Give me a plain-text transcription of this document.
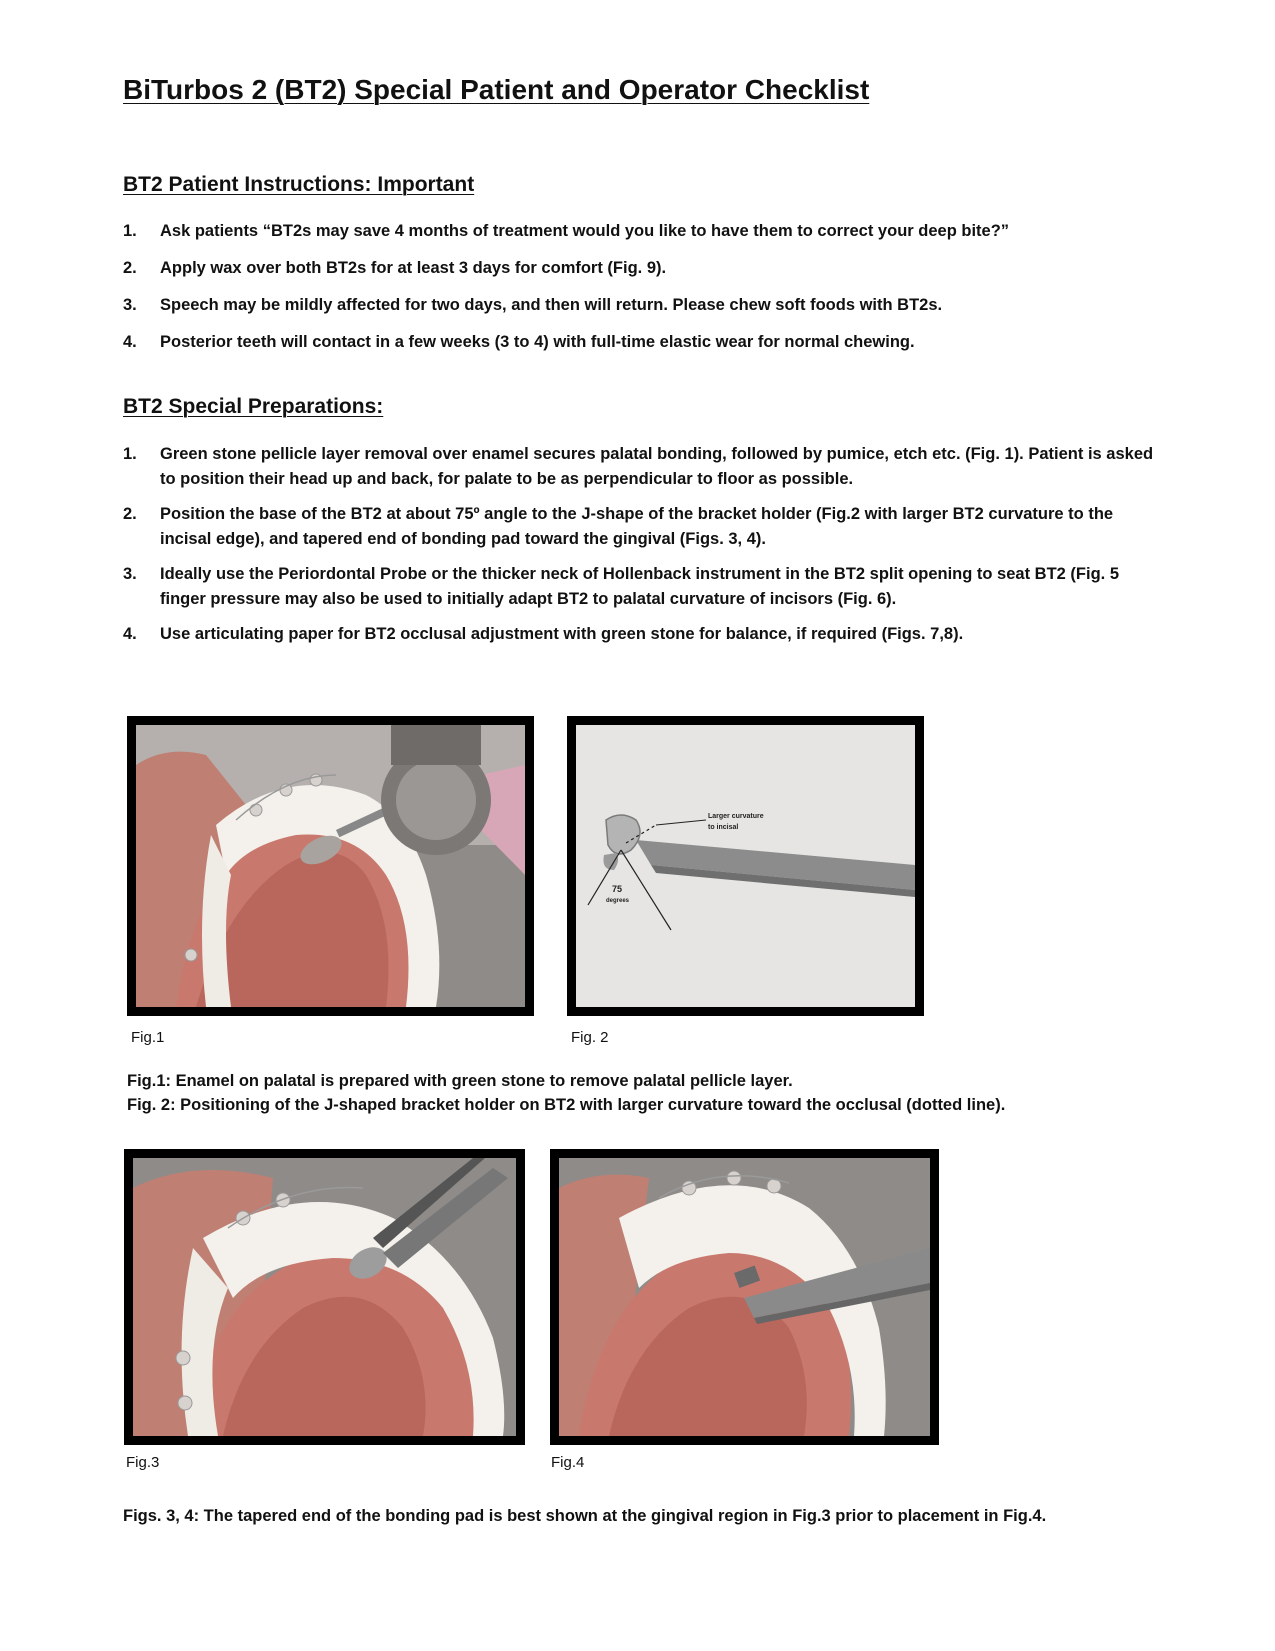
BiTurbos 2 (BT2) Special Patient and Operator Checklist
BT2 Patient Instructions: Important
1. Ask patients “BT2s may save 4 months of treatment would you like to have them to correct your deep bite?”
2. Apply wax over both BT2s for at least 3 days for comfort (Fig. 9).
3. Speech may be mildly affected for two days, and then will return. Please chew soft foods with BT2s.
4. Posterior teeth will contact in a few weeks (3 to 4) with full-time elastic wear for normal chewing.
BT2 Special Preparations:
1. Green stone pellicle layer removal over enamel secures palatal bonding, followed by pumice, etch etc. (Fig. 1). Patient is asked to position their head up and back, for palate to be as perpendicular to floor as possible.
2. Position the base of the BT2 at about 75º angle to the J-shape of the bracket holder (Fig.2 with larger BT2 curvature to the incisal edge), and tapered end of bonding pad toward the gingival (Figs. 3, 4).
3. Ideally use the Periordontal Probe or the thicker neck of Hollenback instrument in the BT2 split opening to seat BT2 (Fig. 5 finger pressure may also be used to initially adapt BT2 to palatal curvature of incisors (Fig. 6).
4. Use articulating paper for BT2 occlusal adjustment with green stone for balance, if required (Figs. 7,8).
Fig.1
Larger curvature
to incisal
75
degrees
Fig. 2

Fig.1: Enamel on palatal is prepared with green stone to remove palatal pellicle layer.

Fig. 2: Positioning of the J-shaped bracket holder on BT2 with larger curvature toward the occlusal (dotted line).

Fig.3	Fig.4

Figs. 3, 4: The tapered end of the bonding pad is best shown at the gingival region in Fig.3 prior to placement in Fig.4.
